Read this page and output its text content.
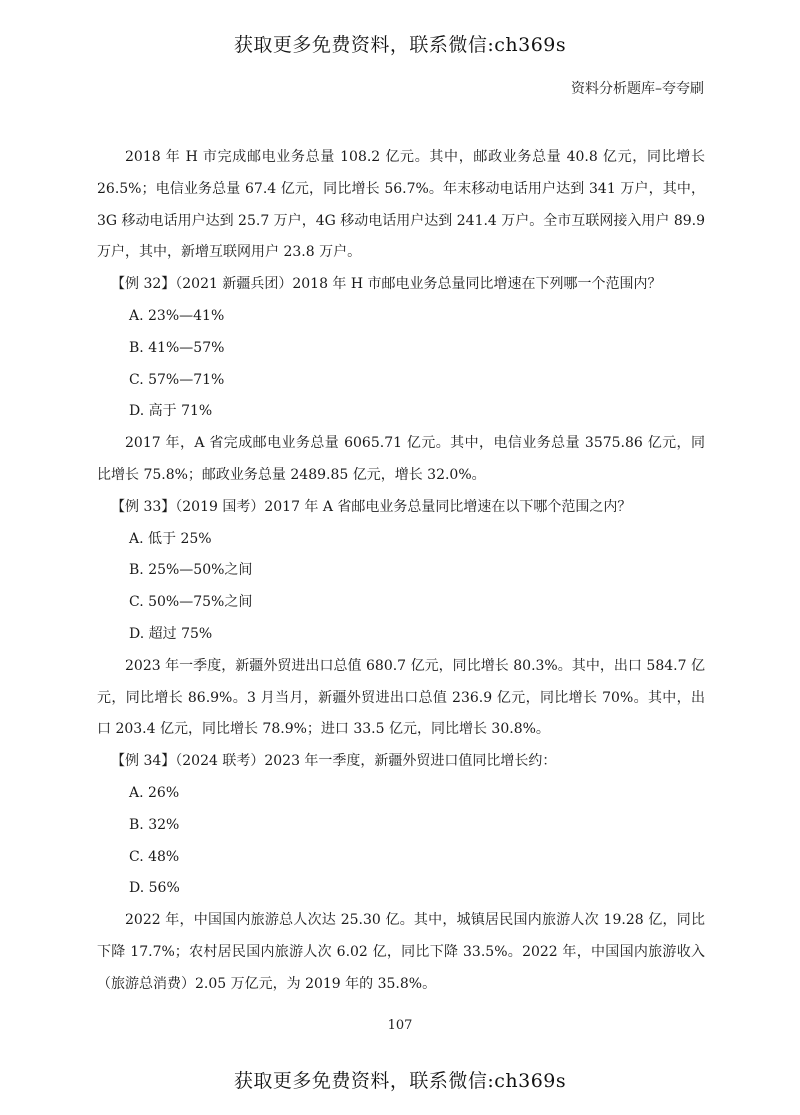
获取更多免费资料，联系微信:ch369s
资料分析题库–夸夸刷

2018 年 H 市完成邮电业务总量 108.2 亿元。其中，邮政业务总量 40.8 亿元，同比增长 26.5%；电信业务总量 67.4 亿元，同比增长 56.7%。年末移动电话用户达到 341 万户，其中，3G 移动电话用户达到 25.7 万户，4G 移动电话用户达到 241.4 万户。全市互联网接入用户 89.9 万户，其中，新增互联网用户 23.8 万户。

【例 32】（2021 新疆兵团）2018 年 H 市邮电业务总量同比增速在下列哪一个范围内？

A. 23%—41%

B. 41%—57%

C. 57%—71%

D. 高于 71%

2017 年，A 省完成邮电业务总量 6065.71 亿元。其中，电信业务总量 3575.86 亿元，同比增长 75.8%；邮政业务总量 2489.85 亿元，增长 32.0%。

【例 33】（2019 国考）2017 年 A 省邮电业务总量同比增速在以下哪个范围之内？

A. 低于 25%

B. 25%—50%之间

C. 50%—75%之间

D. 超过 75%

2023 年一季度，新疆外贸进出口总值 680.7 亿元，同比增长 80.3%。其中，出口 584.7 亿元，同比增长 86.9%。3 月当月，新疆外贸进出口总值 236.9 亿元，同比增长 70%。其中，出口 203.4 亿元，同比增长 78.9%；进口 33.5 亿元，同比增长 30.8%。

【例 34】（2024 联考）2023 年一季度，新疆外贸进口值同比增长约：

A. 26%

B. 32%

C. 48%

D. 56%

2022 年，中国国内旅游总人次达 25.30 亿。其中，城镇居民国内旅游人次 19.28 亿，同比下降 17.7%；农村居民国内旅游人次 6.02 亿，同比下降 33.5%。2022 年，中国国内旅游收入（旅游总消费）2.05 万亿元，为 2019 年的 35.8%。

107
获取更多免费资料，联系微信:ch369s
